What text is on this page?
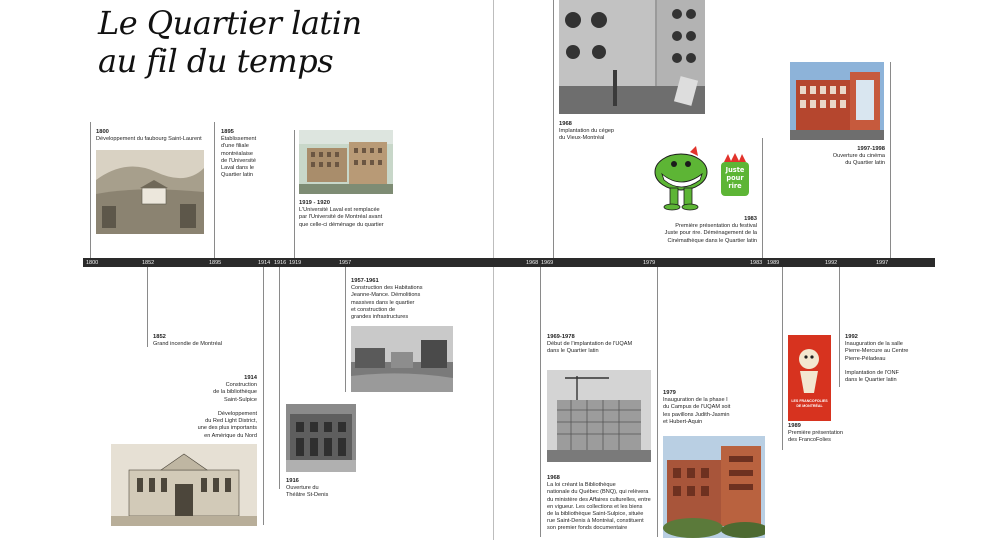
Le Quartier latin
au fil du temps
1800	1852	1895	1914 1916 1919	1957	1968 1969	1979	1983 1989	1992	1997
1800
Développement du faubourg Saint-Laurent
1895
Établissement
d'une filiale
montréalaise
de l'Université
Laval dans le
Quartier latin
1919 - 1920
L'Université Laval est remplacée
par l'Université de Montréal avant
que celle-ci déménage du quartier
1968
Implantation du cégep
du Vieux-Montréal
1983
Première présentation du festival
Juste pour rire. Déménagement de la
Cinémathèque dans le Quartier latin
1997-1998
Ouverture du cinéma
du Quartier latin
1852
Grand incendie de Montréal
1914
Construction
de la bibliothèque
Saint-Sulpice

Développement
du Red Light District,
une des plus importants
en Amérique du Nord
1916
Ouverture du
Théâtre St-Denis
1957-1961
Construction des Habitations
Jeanne-Mance. Démolitions
massives dans le quartier
et construction de
grandes infrastructures
1969-1978
Début de l'implantation de l'UQAM
dans le Quartier latin
1968
La loi créant la Bibliothèque
nationale du Québec (BNQ), qui relèvera
du ministère des Affaires culturelles, entre
en vigueur. Les collections et les biens
de la bibliothèque Saint-Sulpice, située
rue Saint-Denis à Montréal, constituent
son premier fonds documentaire
1979
Inauguration de la phase I
du Campus de l'UQAM soit
les pavillons Judith-Jasmin
et Hubert-Aquin
1989
Première présentation
des FrancoFolies
1992
Inauguration de la salle
Pierre-Mercure au Centre
Pierre-Péladeau

Implantation de l'ONF
dans le Quartier latin
Juste
pour
rire
LES FRANCOFOLIES
DE MONTRÉAL
